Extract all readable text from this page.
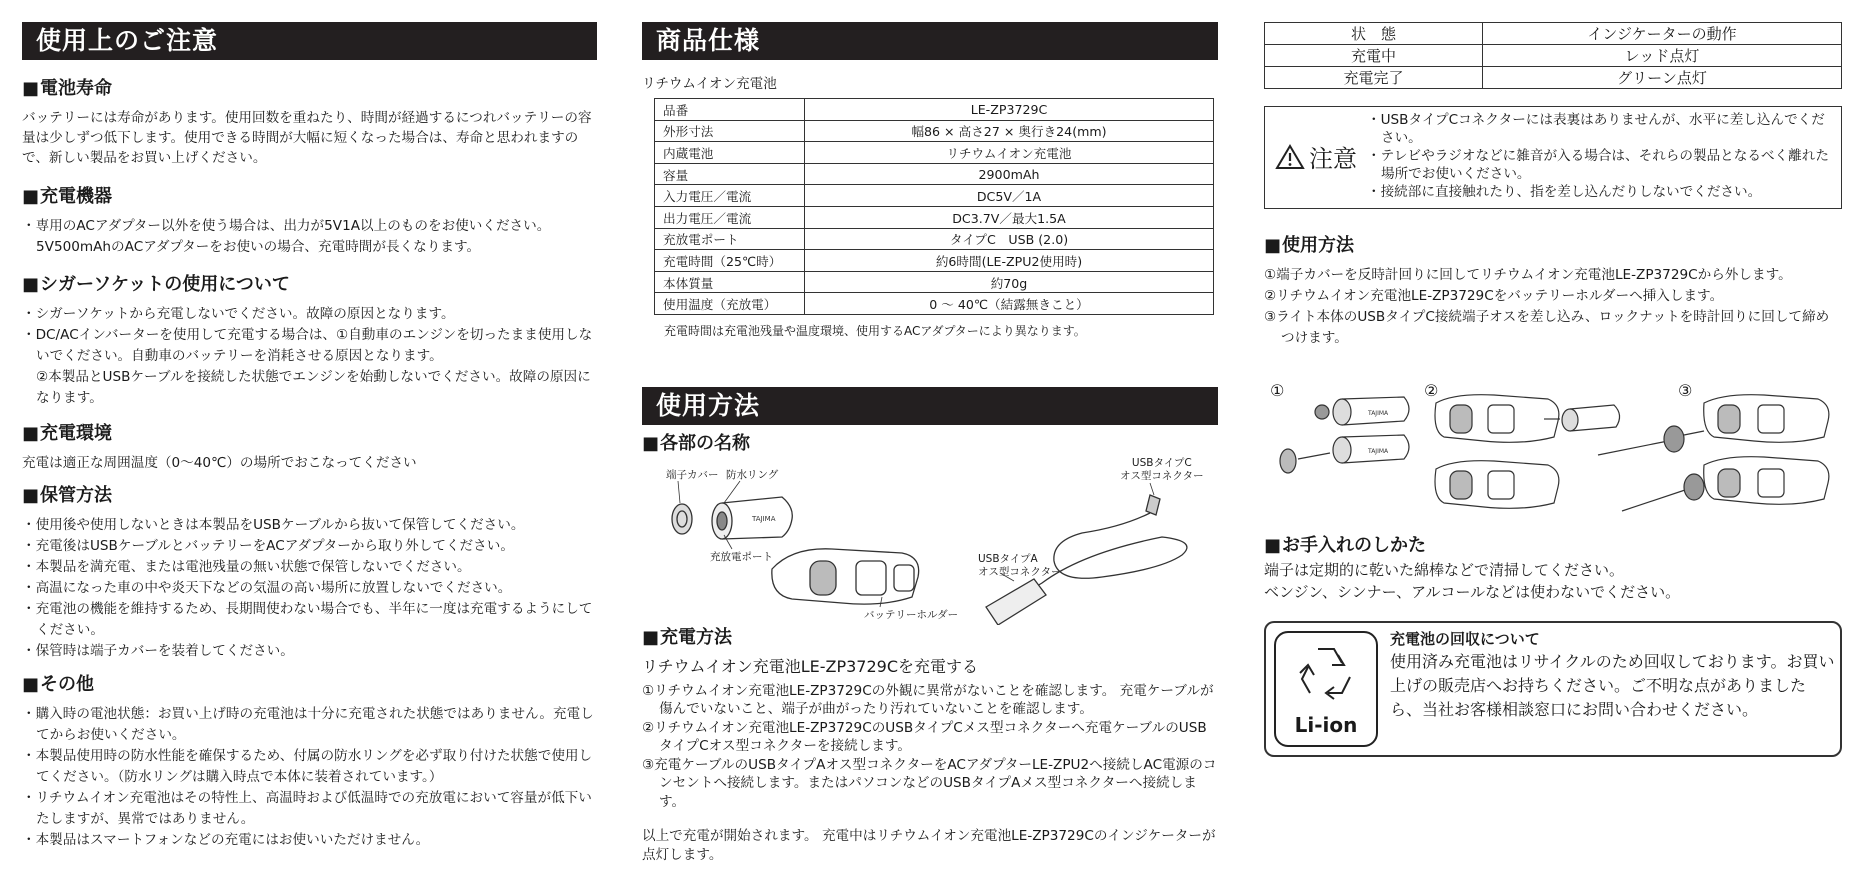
使用上のご注意
■ 電池寿命

バッテリーには寿命があります。使用回数を重ねたり、時間が経過するにつれバッテリーの容量は少しずつ低下します。使用できる時間が大幅に短くなった場合は、寿命と思われますので、新しい製品をお買い上げください。

■ 充電機器
・ 専用のACアダプター以外を使う場合は、出力が5V1A以上のものをお使いください。5V500mAhのACアダプターをお使いの場合、充電時間が長くなります。
■ シガーソケットの使用について
・ シガーソケットから充電しないでください。故障の原因となります。
・ DC/ACインバーターを使用して充電する場合は、①自動車のエンジンを切ったまま使用しないでください。自動車のバッテリーを消耗させる原因となります。
②本製品とUSBケーブルを接続した状態でエンジンを始動しないでください。故障の原因になります。
■ 充電環境

充電は適正な周囲温度（0～40℃）の場所でおこなってください

■ 保管方法
・ 使用後や使用しないときは本製品をUSBケーブルから抜いて保管してください。
・ 充電後はUSBケーブルとバッテリーをACアダプターから取り外してください。
・ 本製品を満充電、または電池残量の無い状態で保管しないでください。
・ 高温になった車の中や炎天下などの気温の高い場所に放置しないでください。
・ 充電池の機能を維持するため、長期間使わない場合でも、半年に一度は充電するようにしてください。
・ 保管時は端子カバーを装着してください。
■ その他
・ 購入時の電池状態：お買い上げ時の充電池は十分に充電された状態ではありません。充電してからお使いください。
・ 本製品使用時の防水性能を確保するため、付属の防水リングを必ず取り付けた状態で使用してください。（防水リングは購入時点で本体に装着されています。）
・ リチウムイオン充電池はその特性上、高温時および低温時での充放電において容量が低下いたしますが、異常ではありません。
・ 本製品はスマートフォンなどの充電にはお使いいただけません。
商品仕様
リチウムイオン充電池
品番	LE-ZP3729C
外形寸法	幅86 × 高さ27 × 奥行き24(mm)
内蔵電池	リチウムイオン充電池
容量	2900mAh
入力電圧／電流	DC5V／1A
出力電圧／電流	DC3.7V／最大1.5A
充放電ポート	タイプC　USB (2.0)
充電時間（25℃時）	約6時間(LE-ZPU2使用時)
本体質量	約70g
使用温度（充放電）	0 ～ 40℃（結露無きこと）
充電時間は充電池残量や温度環境、使用するACアダプターにより異なります。
使用方法
■ 各部の名称
端子カバー 防水リング
充放電ポート
バッテリーホルダー
USBタイプC
オス型コネクター
USBタイプA
オス型コネクター
TAJIMA
■ 充電方法
リチウムイオン充電池LE-ZP3729Cを充電する
①リチウムイオン充電池LE-ZP3729Cの外観に異常がないことを確認します。 充電ケーブルが傷んでいないこと、端子が曲がったり汚れていないことを確認します。
②リチウムイオン充電池LE-ZP3729CのUSBタイプCメス型コネクターへ充電ケーブルのUSBタイプCオス型コネクターを接続します。
③充電ケーブルのUSBタイプAオス型コネクターをACアダプターLE-ZPU2へ接続しAC電源のコンセントへ接続します。またはパソコンなどのUSBタイプAメス型コネクターへ接続します。

以上で充電が開始されます。 充電中はリチウムイオン充電池LE-ZP3729Cのインジケーターが点灯します。

状　態	インジケーターの動作
充電中	レッド点灯
充電完了	グリーン点灯
注意
・ USBタイプCコネクターには表裏はありませんが、水平に差し込んでください。
・ テレビやラジオなどに雑音が入る場合は、それらの製品となるべく離れた場所でお使いください。
・ 接続部に直接触れたり、指を差し込んだりしないでください。
■ 使用方法
①端子カバーを反時計回りに回してリチウムイオン充電池LE-ZP3729Cから外します。
②リチウムイオン充電池LE-ZP3729Cをバッテリーホルダーへ挿入します。
③ライト本体のUSBタイプC接続端子オスを差し込み、ロックナットを時計回りに回して締めつけます。
①	②	③
TAJIMA
TAJIMA
■ お手入れのしかた

端子は定期的に乾いた綿棒などで清掃してください。

ベンジン、シンナー、アルコールなどは使わないでください。

Li-ion
充電池の回収について
使用済み充電池はリサイクルのため回収しております。お買い上げの販売店へお持ちください。ご不明な点がありましたら、当社お客様相談窓口にお問い合わせください。
